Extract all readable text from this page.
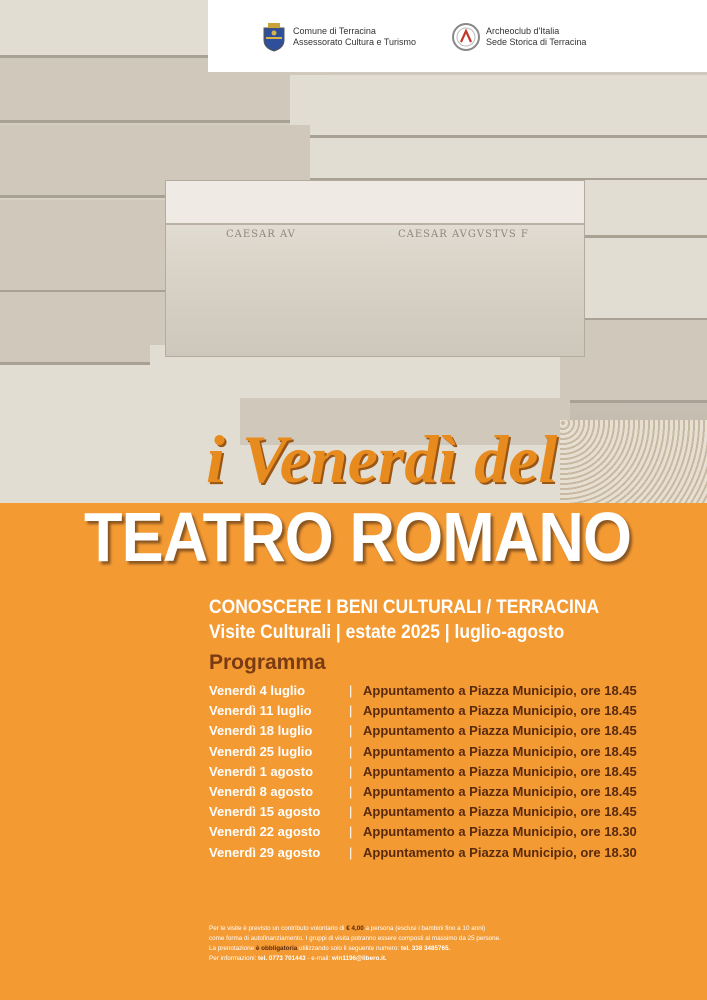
CAESAR AV	CAESAR AVGVSTVS F
Comune di Terracina
Assessorato Cultura e Turismo
Archeoclub d'Italia
Sede Storica di Terracina
i Venerdì del
TEATRO ROMANO

CONOSCERE I BENI CULTURALI / TERRACINA

Visite Culturali | estate 2025 | luglio-agosto

Programma
Venerdì 4 luglio	| Appuntamento a Piazza Municipio, ore 18.45
Venerdì 11 luglio	| Appuntamento a Piazza Municipio, ore 18.45
Venerdì 18 luglio	| Appuntamento a Piazza Municipio, ore 18.45
Venerdì 25 luglio	| Appuntamento a Piazza Municipio, ore 18.45
Venerdì 1 agosto	| Appuntamento a Piazza Municipio, ore 18.45
Venerdì 8 agosto	| Appuntamento a Piazza Municipio, ore 18.45
Venerdì 15 agosto	| Appuntamento a Piazza Municipio, ore 18.45
Venerdì 22 agosto	| Appuntamento a Piazza Municipio, ore 18.30
Venerdì 29 agosto	| Appuntamento a Piazza Municipio, ore 18.30
Per le visite è previsto un contributo volontario di € 4,00 a persona (esclusi i bambini fino a 10 anni)
come forma di autofinanziamento. I gruppi di visita potranno essere composti al massimo da 25 persone.
La prenotazione è obbligatoria utilizzando solo il seguente numero: tel. 338 3485765.
Per informazioni: tel. 0773 701443 - e-mail: win1196@libero.it.
